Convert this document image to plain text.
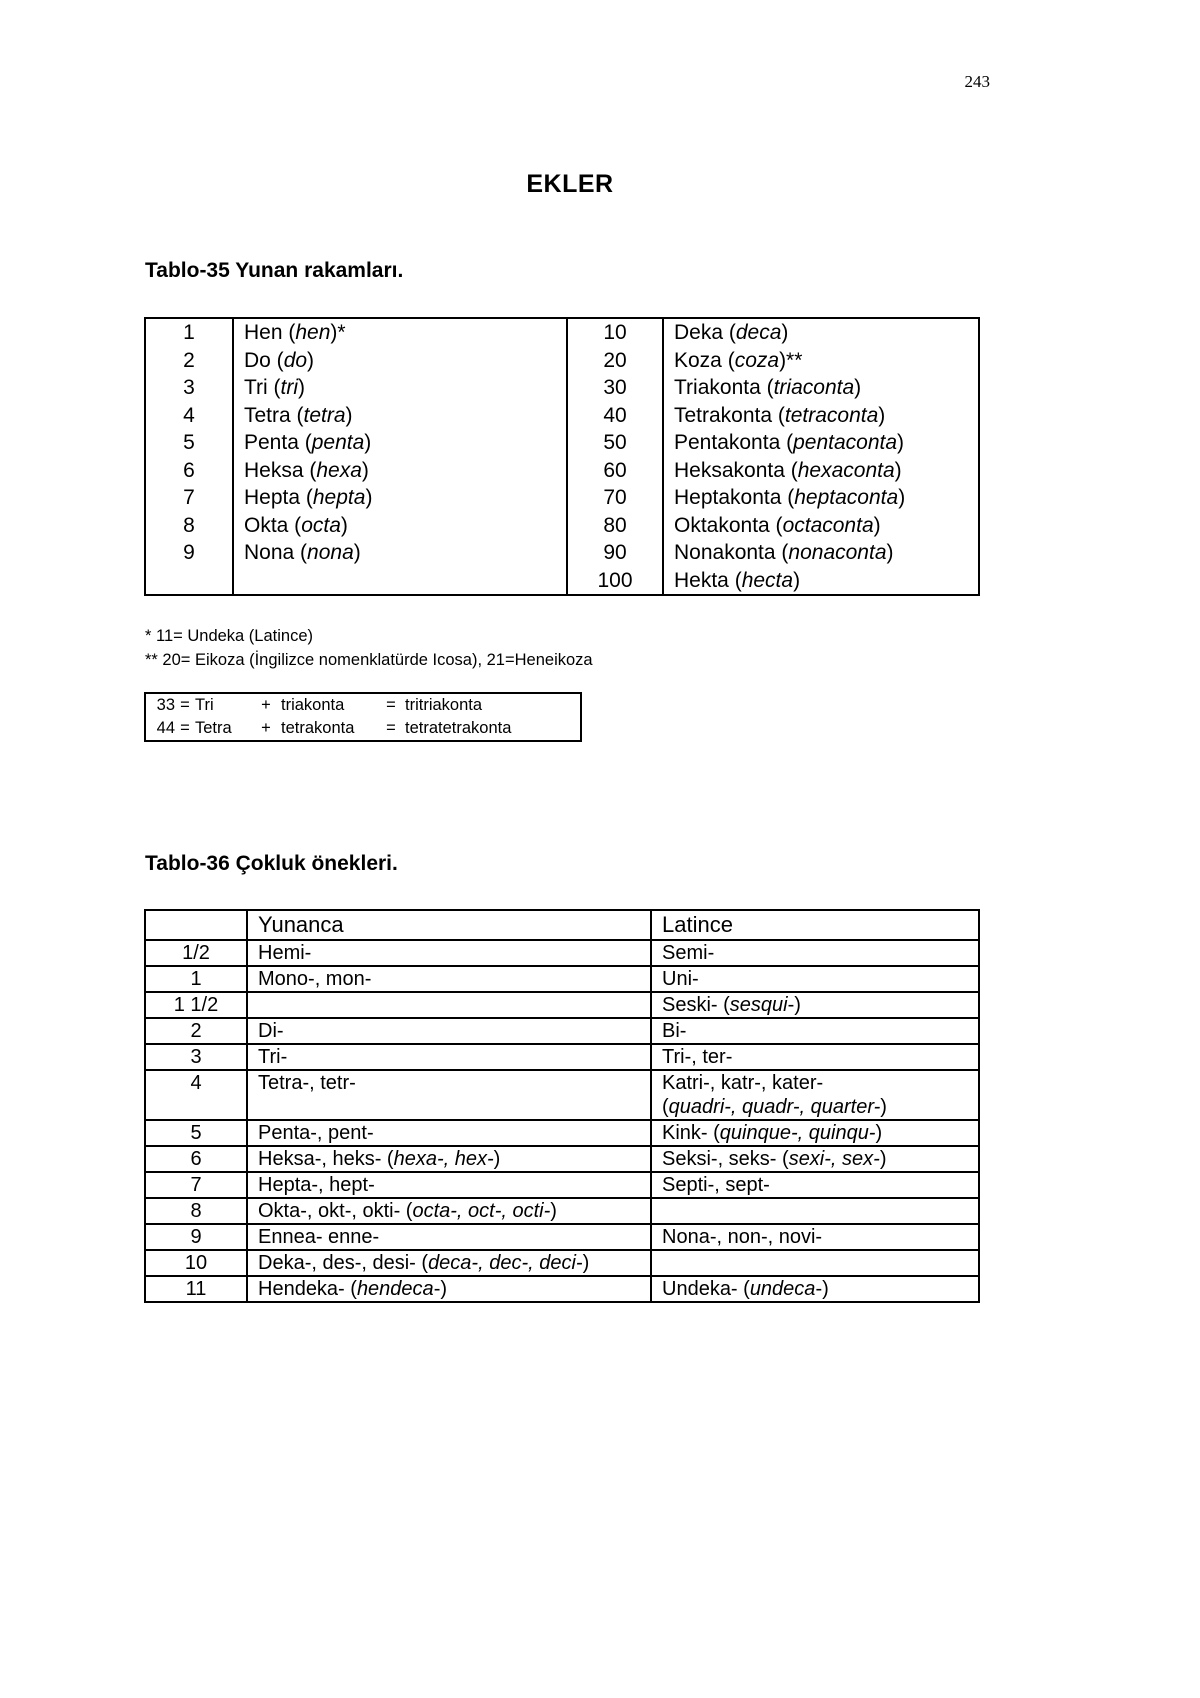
243
EKLER
Tablo-35 Yunan rakamları.
1	Hen (hen)*	10	Deka (deca)
2	Do (do)	20	Koza (coza)**
3	Tri (tri)	30	Triakonta (triaconta)
4	Tetra (tetra)	40	Tetrakonta (tetraconta)
5	Penta (penta)	50	Pentakonta (pentaconta)
6	Heksa (hexa)	60	Heksakonta (hexaconta)
7	Hepta (hepta)	70	Heptakonta (heptaconta)
8	Okta (octa)	80	Oktakonta (octaconta)
9	Nona (nona)	90	Nonakonta (nonaconta)
		100	Hekta (hecta)
* 11= Undeka (Latince)
** 20= Eikoza (İngilizce nomenklatürde Icosa), 21=Heneikoza
33	=	Tri	+	triakonta	=	tritriakonta
44	=	Tetra	+	tetrakonta	=	tetratetrakonta
Tablo-36 Çokluk önekleri.
	Yunanca	Latince
1/2	Hemi-	Semi-
1	Mono-, mon-	Uni-
1 1/2		Seski- (sesqui-)
2	Di-	Bi-
3	Tri-	Tri-, ter-
4	Tetra-, tetr-	Katri-, katr-, kater-
(quadri-, quadr-, quarter-)
5	Penta-, pent-	Kink- (quinque-, quinqu-)
6	Heksa-, heks- (hexa-, hex-)	Seksi-, seks- (sexi-, sex-)
7	Hepta-, hept-	Septi-, sept-
8	Okta-, okt-, okti- (octa-, oct-, octi-)	
9	Ennea- enne-	Nona-, non-, novi-
10	Deka-, des-, desi- (deca-, dec-, deci-)	
11	Hendeka- (hendeca-)	Undeka- (undeca-)
